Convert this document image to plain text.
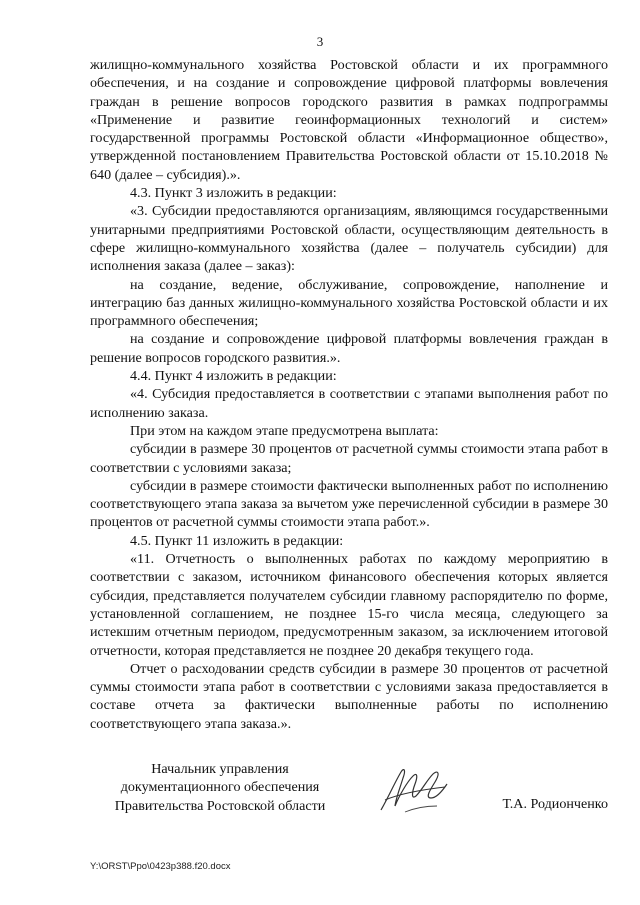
3

жилищно-коммунального хозяйства Ростовской области и их программного обеспечения, и на создание и сопровождение цифровой платформы вовлечения граждан в решение вопросов городского развития в рамках подпрограммы «Применение и развитие геоинформационных технологий и систем» государственной программы Ростовской области «Информационное общество», утвержденной постановлением Правительства Ростовской области от 15.10.2018 № 640 (далее – субсидия).».

4.3. Пункт 3 изложить в редакции:

«3. Субсидии предоставляются организациям, являющимся государственными унитарными предприятиями Ростовской области, осуществляющим деятельность в сфере жилищно-коммунального хозяйства (далее – получатель субсидии) для исполнения заказа (далее – заказ):

на создание, ведение, обслуживание, сопровождение, наполнение и интеграцию баз данных жилищно-коммунального хозяйства Ростовской области и их программного обеспечения;

на создание и сопровождение цифровой платформы вовлечения граждан в решение вопросов городского развития.».

4.4. Пункт 4 изложить в редакции:

«4. Субсидия предоставляется в соответствии с этапами выполнения работ по исполнению заказа.

При этом на каждом этапе предусмотрена выплата:

субсидии в размере 30 процентов от расчетной суммы стоимости этапа работ в соответствии с условиями заказа;

субсидии в размере стоимости фактически выполненных работ по исполнению соответствующего этапа заказа за вычетом уже перечисленной субсидии в размере 30 процентов от расчетной суммы стоимости этапа работ.».

4.5. Пункт 11 изложить в редакции:

«11. Отчетность о выполненных работах по каждому мероприятию в соответствии с заказом, источником финансового обеспечения которых является субсидия, представляется получателем субсидии главному распорядителю по форме, установленной соглашением, не позднее 15-го числа месяца, следующего за истекшим отчетным периодом, предусмотренным заказом, за исключением итоговой отчетности, которая представляется не позднее 20 декабря текущего года.

Отчет о расходовании средств субсидии в размере 30 процентов от расчетной суммы стоимости этапа работ в соответствии с условиями заказа предоставляется в составе отчета за фактически выполненные работы по исполнению соответствующего этапа заказа.».

Начальник управления
документационного обеспечения
Правительства Ростовской области	Т.А. Родионченко
Y:\ORST\Ppo\0423p388.f20.docx
